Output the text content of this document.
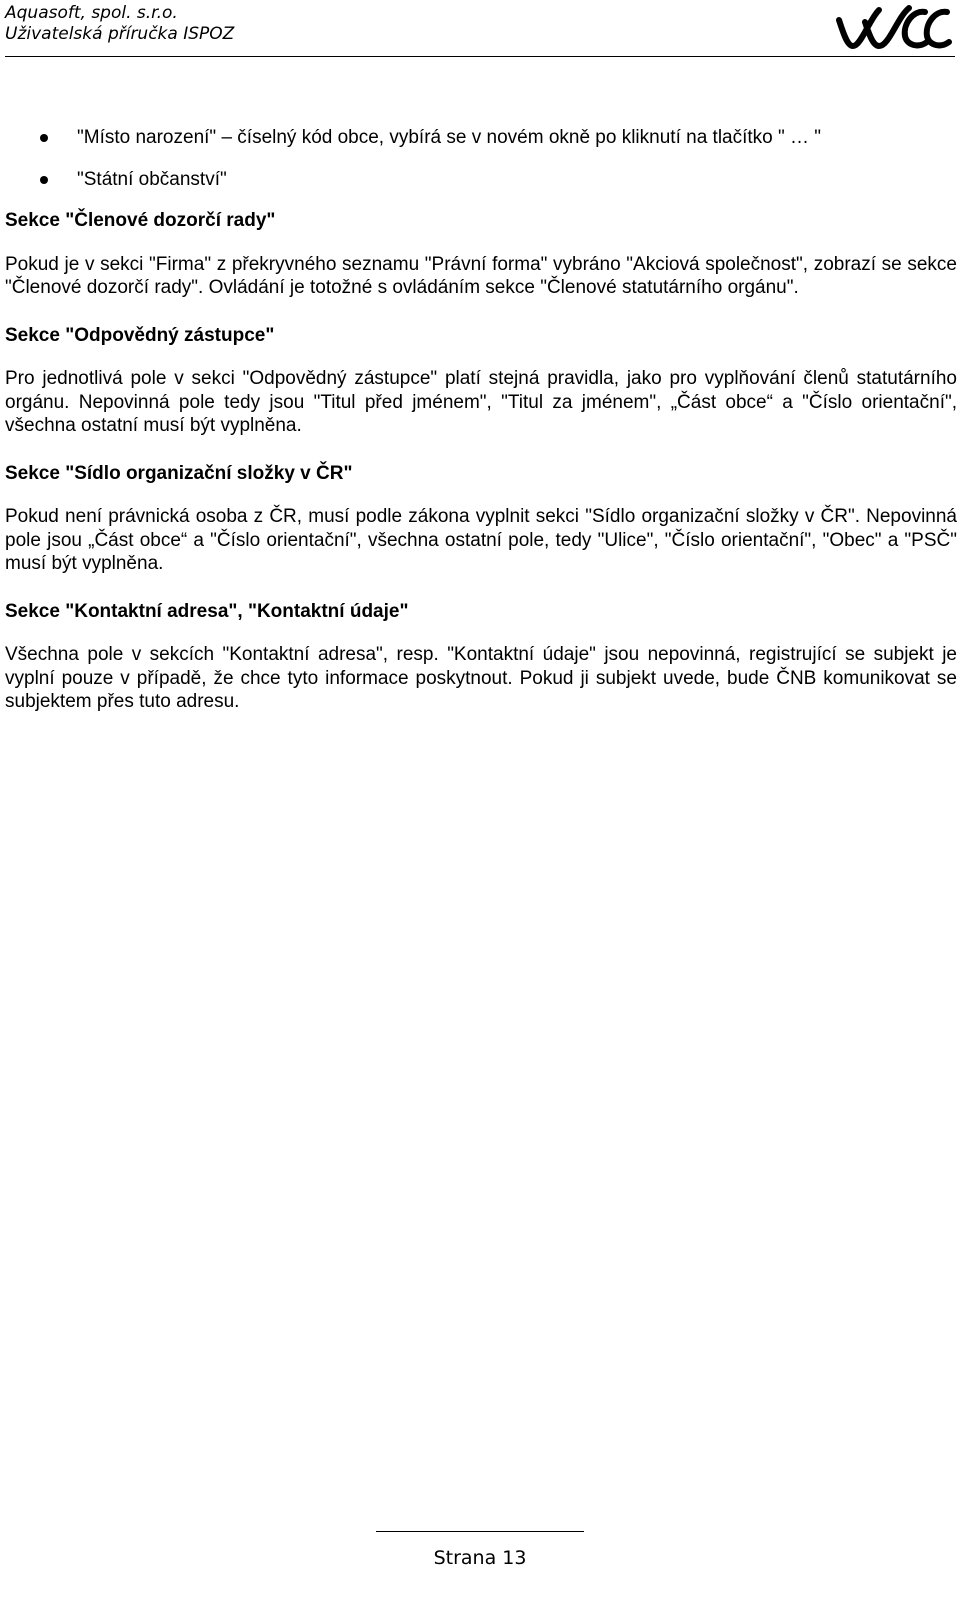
Aquasoft, spol. s.r.o.
Uživatelská příručka ISPOZ
"Místo narození" – číselný kód obce, vybírá se v novém okně po kliknutí na tlačítko " … "
"Státní občanství"
Sekce "Členové dozorčí rady"

Pokud je v sekci "Firma" z překryvného seznamu "Právní forma" vybráno "Akciová společnost", zobrazí se sekce "Členové dozorčí rady". Ovládání je totožné s ovládáním sekce "Členové statutárního orgánu".

Sekce "Odpovědný zástupce"

Pro jednotlivá pole v sekci "Odpovědný zástupce" platí stejná pravidla, jako pro vyplňování členů statutárního orgánu. Nepovinná pole tedy jsou "Titul před jménem", "Titul za jménem", „Část obce“ a "Číslo orientační", všechna ostatní musí být vyplněna.

Sekce "Sídlo organizační složky v ČR"

Pokud není právnická osoba z ČR, musí podle zákona vyplnit sekci "Sídlo organizační složky v ČR". Nepovinná pole jsou „Část obce“ a "Číslo orientační", všechna ostatní pole, tedy "Ulice", "Číslo orientační", "Obec" a "PSČ" musí být vyplněna.

Sekce "Kontaktní adresa", "Kontaktní údaje"

Všechna pole v sekcích "Kontaktní adresa", resp. "Kontaktní údaje" jsou nepovinná, registrující se subjekt je vyplní pouze v případě, že chce tyto informace poskytnout. Pokud ji subjekt uvede, bude ČNB komunikovat se subjektem přes tuto adresu.

Strana 13
